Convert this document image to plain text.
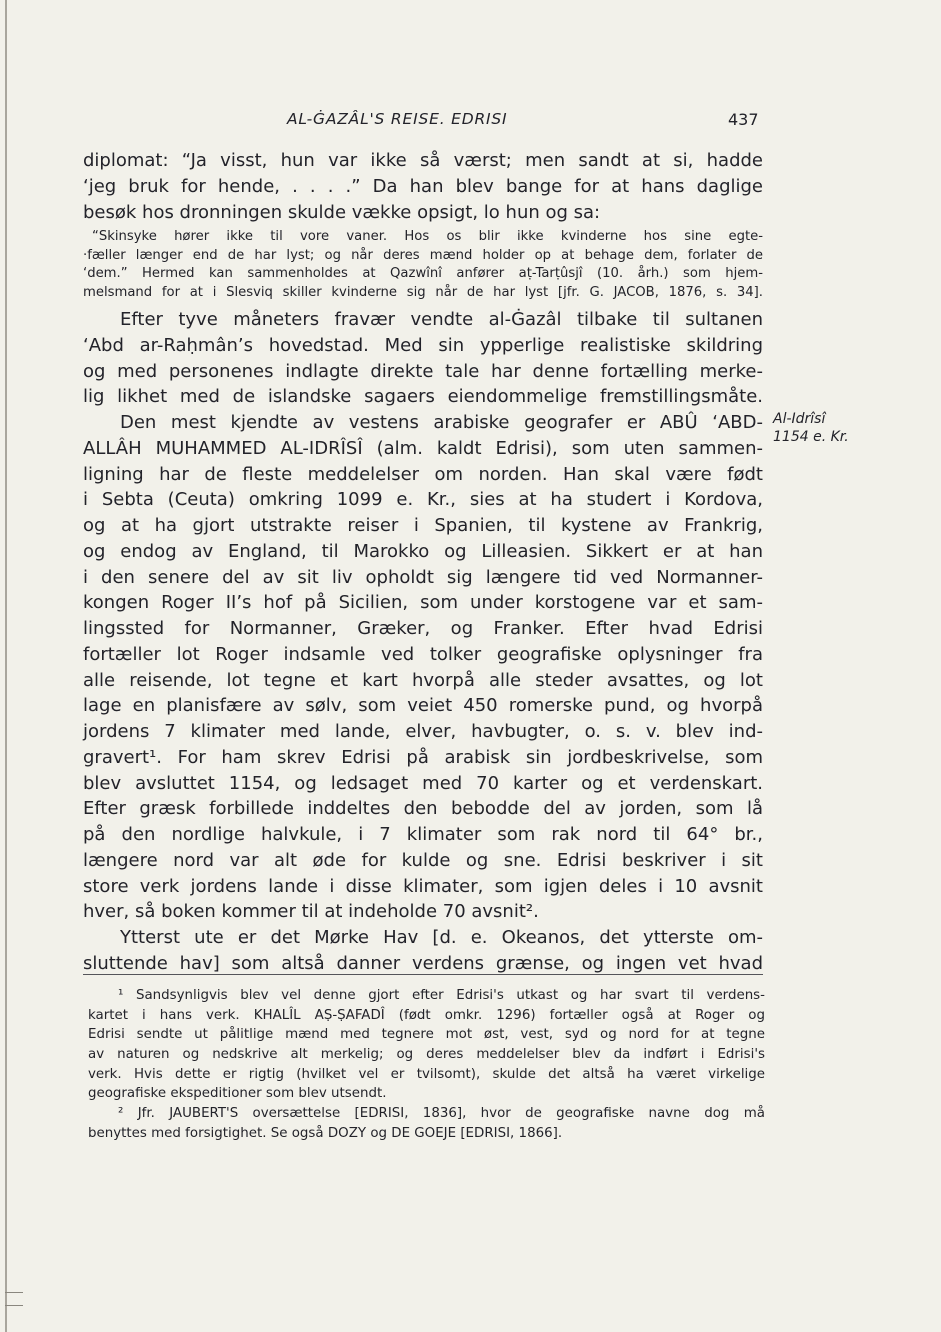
AL-ĠAZÂL'S REISE. EDRISI	437
diplomat: “Ja visst, hun var ikke så værst; men sandt at si, hadde
‘jeg bruk for hende, . . . .” Da han blev bange for at hans daglige
besøk hos dronningen skulde vække opsigt, lo hun og sa:
“Skinsyke hører ikke til vore vaner. Hos os blir ikke kvinderne hos sine egte-
·fæller længer end de har lyst; og når deres mænd holder op at behage dem, forlater de
‘dem.” Hermed kan sammenholdes at Qazwînî anfører aṭ-Tarṭûsjî (10. årh.) som hjem-
melsmand for at i Slesviq skiller kvinderne sig når de har lyst [jfr. G. JACOB, 1876, s. 34].
Efter tyve måneters fravær vendte al-Ġazâl tilbake til sultanen
‘Abd ar-Raḥmân’s hovedstad. Med sin ypperlige realistiske skildring
og med personenes indlagte direkte tale har denne fortælling merke-
lig likhet med de islandske sagaers eiendommelige fremstillingsmåte.
Den mest kjendte av vestens arabiske geografer er ABÛ ‘ABD-
ALLÂH MUHAMMED AL-IDRÎSÎ (alm. kaldt Edrisi), som uten sammen-
ligning har de fleste meddelelser om norden. Han skal være født
i Sebta (Ceuta) omkring 1099 e. Kr., sies at ha studert i Kordova,
og at ha gjort utstrakte reiser i Spanien, til kystene av Frankrig,
og endog av England, til Marokko og Lilleasien. Sikkert er at han
i den senere del av sit liv opholdt sig længere tid ved Normanner-
kongen Roger II’s hof på Sicilien, som under korstogene var et sam-
lingssted for Normanner, Græker, og Franker. Efter hvad Edrisi
fortæller lot Roger indsamle ved tolker geografiske oplysninger fra
alle reisende, lot tegne et kart hvorpå alle steder avsattes, og lot
lage en planisfære av sølv, som veiet 450 romerske pund, og hvorpå
jordens 7 klimater med lande, elver, havbugter, o. s. v. blev ind-
gravert¹. For ham skrev Edrisi på arabisk sin jordbeskrivelse, som
blev avsluttet 1154, og ledsaget med 70 karter og et verdenskart.
Efter græsk forbillede inddeltes den bebodde del av jorden, som lå
på den nordlige halvkule, i 7 klimater som rak nord til 64° br.,
længere nord var alt øde for kulde og sne. Edrisi beskriver i sit
store verk jordens lande i disse klimater, som igjen deles i 10 avsnit
hver, så boken kommer til at indeholde 70 avsnit².
Ytterst ute er det Mørke Hav [d. e. Okeanos, det ytterste om-
sluttende hav] som altså danner verdens grænse, og ingen vet hvad
Al-Idrîsî
1154 e. Kr.
¹ Sandsynligvis blev vel denne gjort efter Edrisi's utkast og har svart til verdens-
kartet i hans verk. KHALÎL AṢ-ṢAFADÎ (født omkr. 1296) fortæller også at Roger og
Edrisi sendte ut pålitlige mænd med tegnere mot øst, vest, syd og nord for at tegne
av naturen og nedskrive alt merkelig; og deres meddelelser blev da indført i Edrisi's
verk. Hvis dette er rigtig (hvilket vel er tvilsomt), skulde det altså ha været virkelige
geografiske ekspeditioner som blev utsendt.
² Jfr. JAUBERT'S oversættelse [EDRISI, 1836], hvor de geografiske navne dog må
benyttes med forsigtighet. Se også DOZY og DE GOEJE [EDRISI, 1866].
